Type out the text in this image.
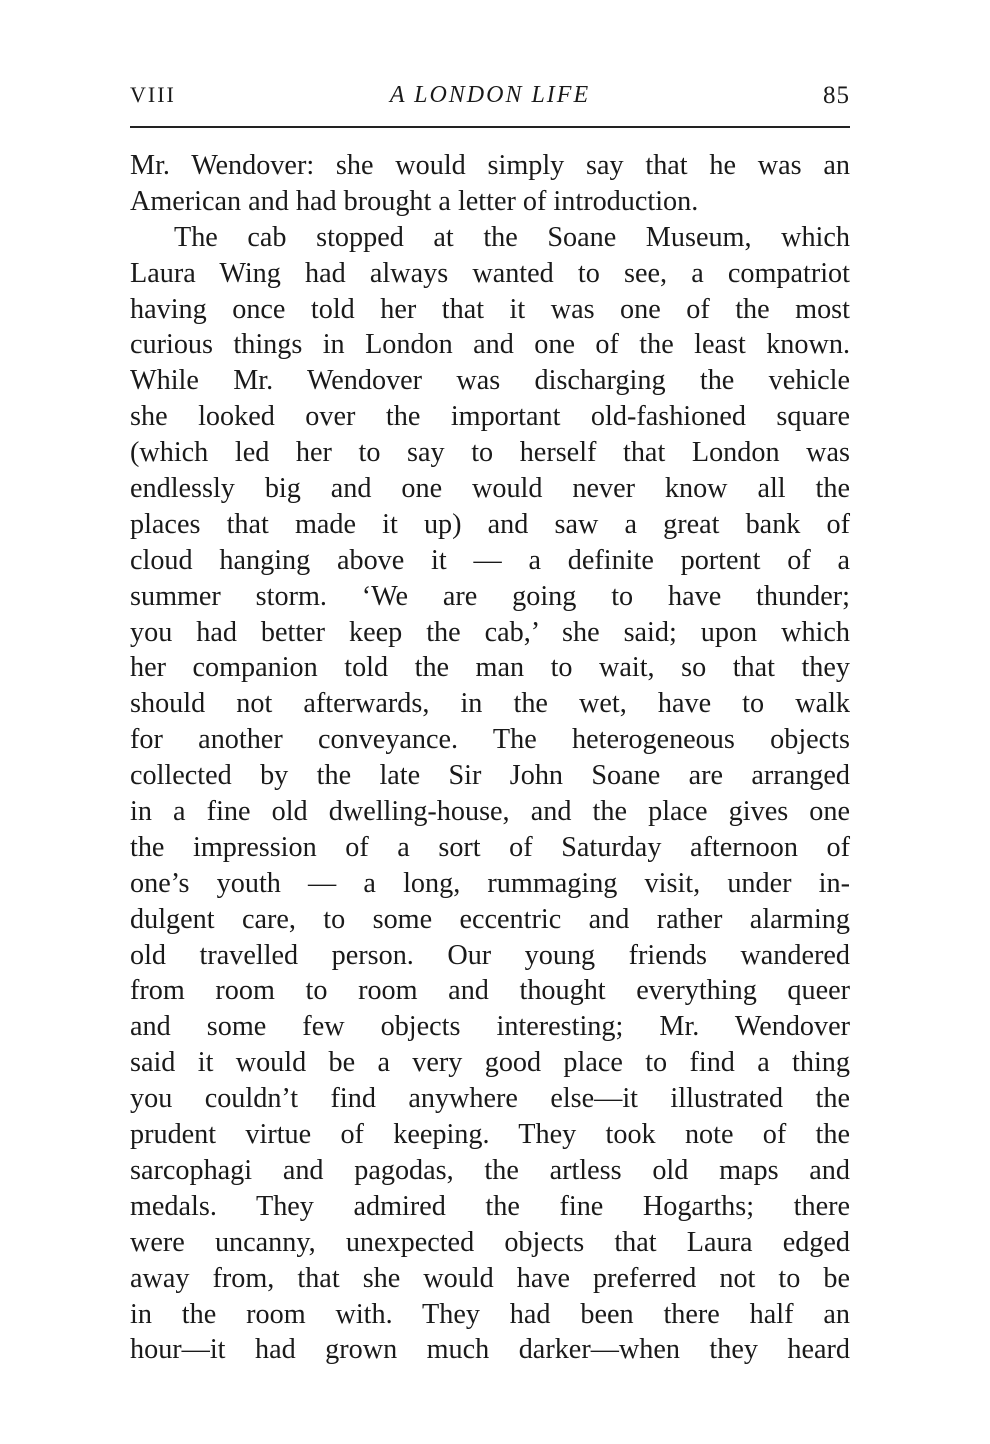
VIII	A LONDON LIFE	85
Mr. Wendover: she would simply say that he was an
American and had brought a letter of introduction.
The cab stopped at the Soane Museum, which
Laura Wing had always wanted to see, a compatriot
having once told her that it was one of the most
curious things in London and one of the least known.
While Mr. Wendover was discharging the vehicle
she looked over the important old-fashioned square
(which led her to say to herself that London was
endlessly big and one would never know all the
places that made it up) and saw a great bank of
cloud hanging above it — a definite portent of a
summer storm. ‘We are going to have thunder;
you had better keep the cab,’ she said; upon which
her companion told the man to wait, so that they
should not afterwards, in the wet, have to walk
for another conveyance. The heterogeneous objects
collected by the late Sir John Soane are arranged
in a fine old dwelling-house, and the place gives one
the impression of a sort of Saturday afternoon of
one’s youth — a long, rummaging visit, under in-
dulgent care, to some eccentric and rather alarming
old travelled person. Our young friends wandered
from room to room and thought everything queer
and some few objects interesting; Mr. Wendover
said it would be a very good place to find a thing
you couldn’t find anywhere else—it illustrated the
prudent virtue of keeping. They took note of the
sarcophagi and pagodas, the artless old maps and
medals. They admired the fine Hogarths; there
were uncanny, unexpected objects that Laura edged
away from, that she would have preferred not to be
in the room with. They had been there half an
hour—it had grown much darker—when they heard
